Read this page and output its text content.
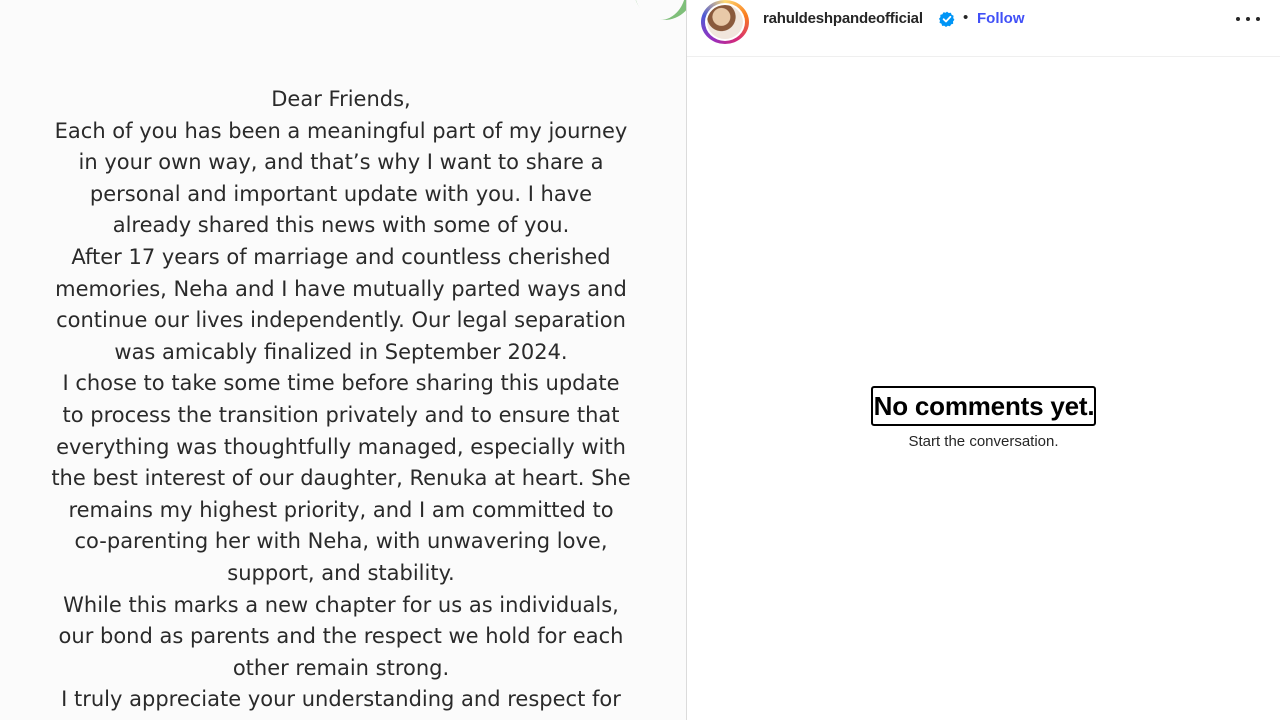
Dear Friends,
Each of you has been a meaningful part of my journey
in your own way, and that’s why I want to share a
personal and important update with you. I have
already shared this news with some of you.
After 17 years of marriage and countless cherished
memories, Neha and I have mutually parted ways and
continue our lives independently. Our legal separation
was amicably finalized in September 2024.
I chose to take some time before sharing this update
to process the transition privately and to ensure that
everything was thoughtfully managed, especially with
the best interest of our daughter, Renuka at heart. She
remains my highest priority, and I am committed to
co-parenting her with Neha, with unwavering love,
support, and stability.
While this marks a new chapter for us as individuals,
our bond as parents and the respect we hold for each
other remain strong.
I truly appreciate your understanding and respect for
rahuldeshpandeofficial	• Follow
No comments yet.
Start the conversation.
